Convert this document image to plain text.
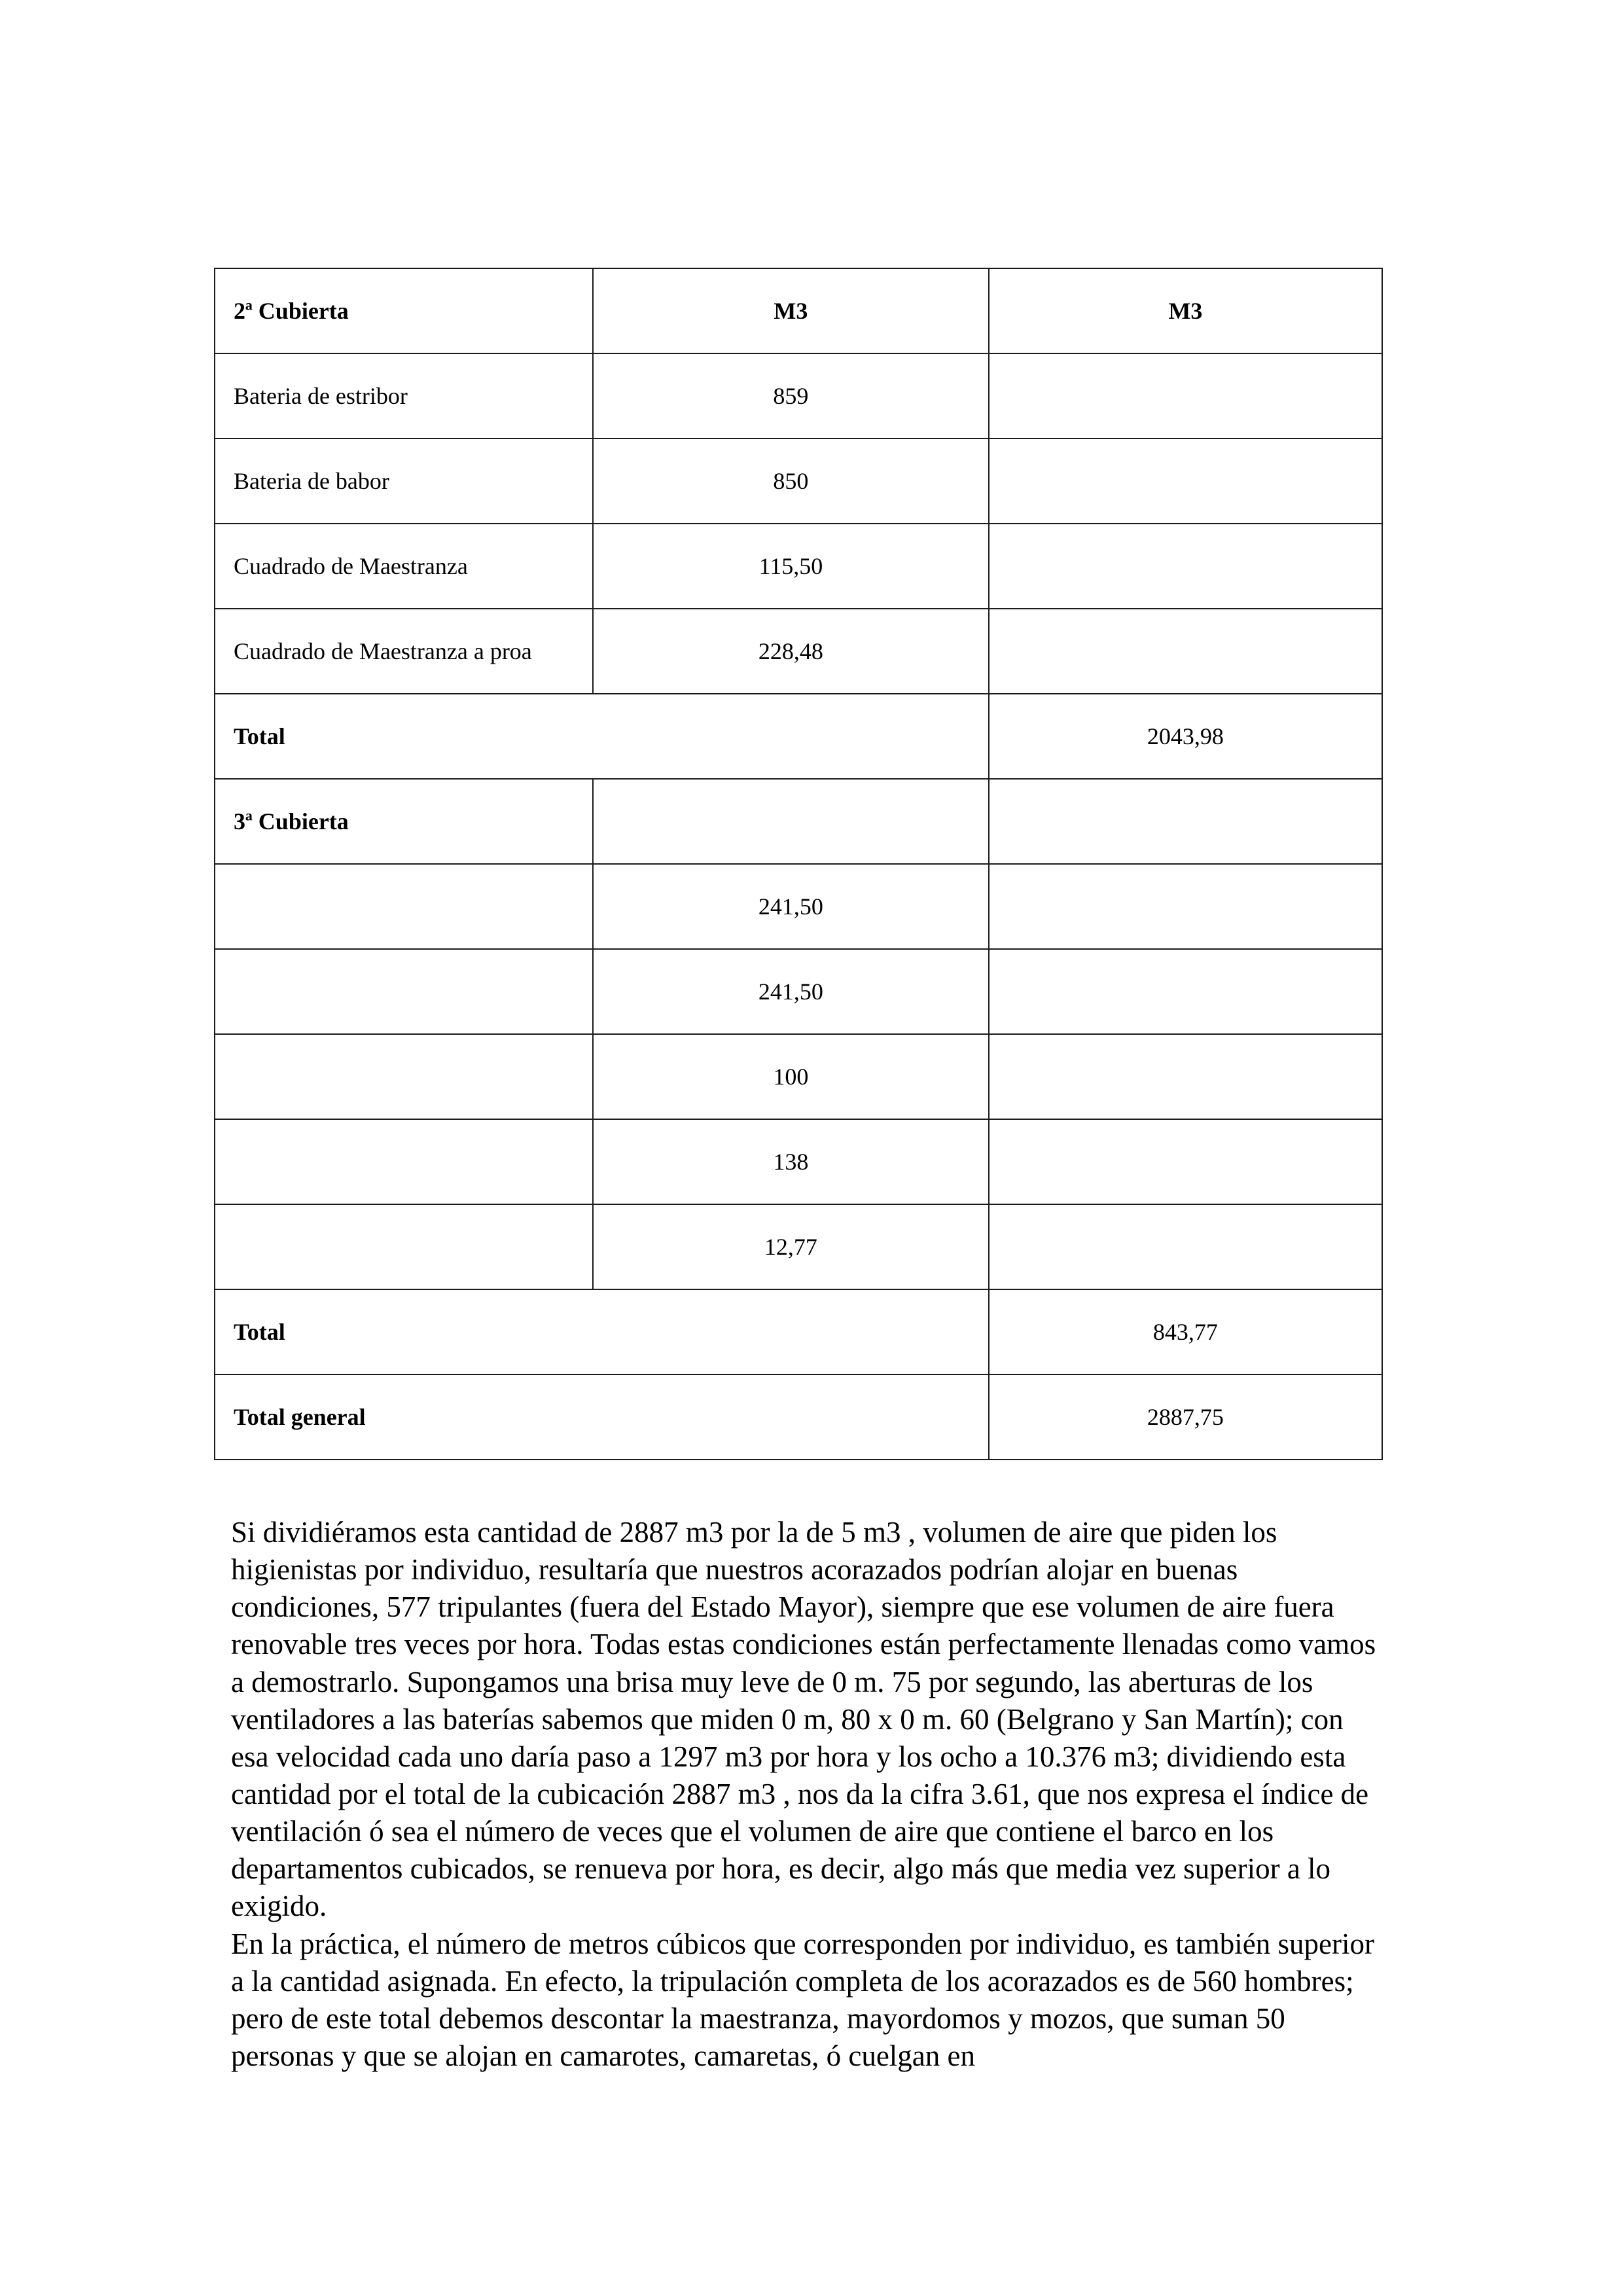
2ª Cubierta	M3	M3
Bateria de estribor	859	
Bateria de babor	850	
Cuadrado de Maestranza	115,50	
Cuadrado de Maestranza a proa	228,48	
Total		2043,98
3ª Cubierta		
	241,50	
	241,50	
	100	
	138	
	12,77	
Total		843,77
Total general		2887,75

Si dividiéramos esta cantidad de 2887 m3 por la de 5 m3 , volumen de aire que piden los higienistas por individuo, resultaría que nuestros acorazados podrían alojar en buenas condiciones, 577 tripulantes (fuera del Estado Mayor), siempre que ese volumen de aire fuera renovable tres veces por hora. Todas estas condiciones están perfectamente llenadas como vamos a demostrarlo. Supongamos una brisa muy leve de 0 m. 75 por segundo, las aberturas de los ventiladores a las baterías sabemos que miden 0 m, 80 x 0 m. 60 (Belgrano y San Martín); con esa velocidad cada uno daría paso a 1297 m3 por hora y los ocho a 10.376 m3; dividiendo esta cantidad por el total de la cubicación 2887 m3 , nos da la cifra 3.61, que nos expresa el índice de ventilación ó sea el número de veces que el volumen de aire que contiene el barco en los departamentos cubicados, se renueva por hora, es decir, algo más que media vez superior a lo exigido.

En la práctica, el número de metros cúbicos que corresponden por individuo, es también superior a la cantidad asignada. En efecto, la tripulación completa de los acorazados es de 560 hombres; pero de este total debemos descontar la maestranza, mayordomos y mozos, que suman 50 personas y que se alojan en camarotes, camaretas, ó cuelgan en
